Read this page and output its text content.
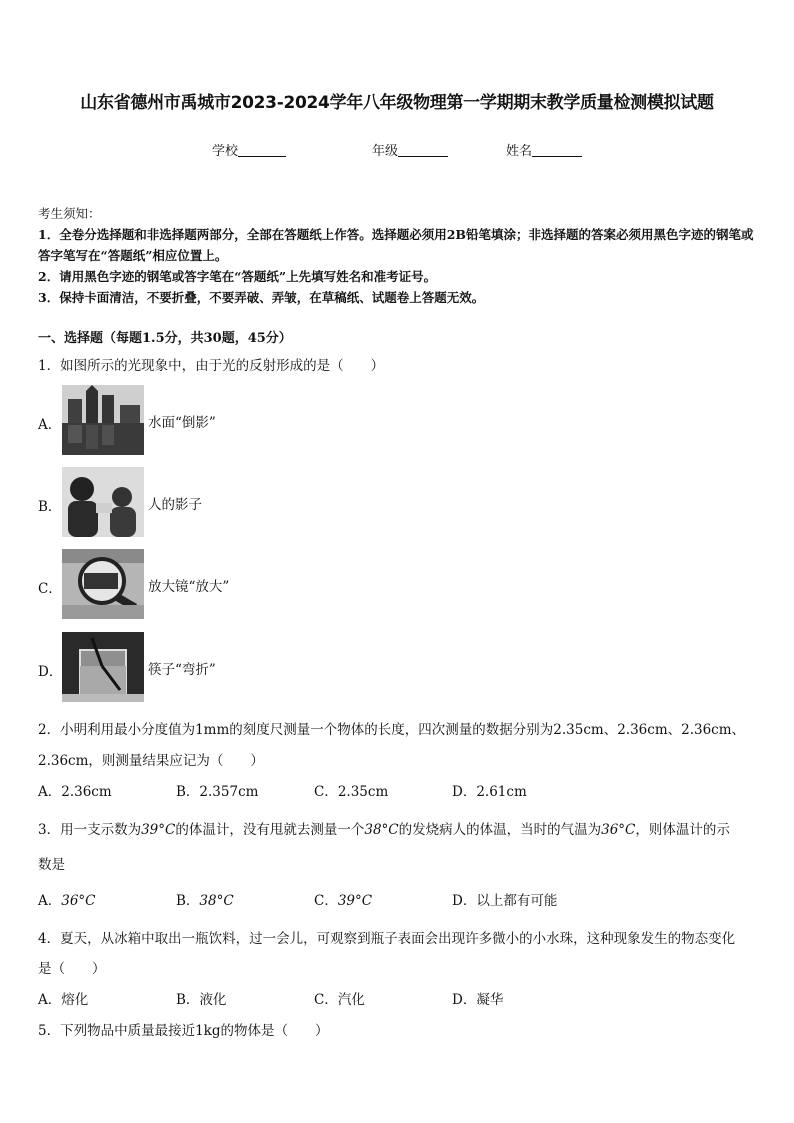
山东省德州市禹城市2023-2024学年八年级物理第一学期期末教学质量检测模拟试题
学校	年级	姓名

考生须知：

1．全卷分选择题和非选择题两部分，全部在答题纸上作答。选择题必须用2B铅笔填涂；非选择题的答案必须用黑色字迹的钢笔或答字笔写在“答题纸”相应位置上。

2．请用黑色字迹的钢笔或答字笔在“答题纸”上先填写姓名和准考证号。

3．保持卡面清洁，不要折叠，不要弄破、弄皱，在草稿纸、试题卷上答题无效。

一、选择题（每题1.5分，共30题，45分）
1．如图所示的光现象中，由于光的反射形成的是（　　）
A．	水面“倒影”
B．	人的影子
C．	放大镜“放大”
D．	筷子“弯折”
2．小明利用最小分度值为1mm的刻度尺测量一个物体的长度，四次测量的数据分别为2.35cm、2.36cm、2.36cm、
2.36cm，则测量结果应记为（　　）
A．2.36cm	B．2.357cm	C．2.35cm	D．2.61cm
3．用一支示数为39°C的体温计，没有甩就去测量一个38°C的发烧病人的体温，当时的气温为36°C，则体温计的示
数是
A．36°C	B．38°C	C．39°C	D．以上都有可能
4．夏天，从冰箱中取出一瓶饮料，过一会儿，可观察到瓶子表面会出现许多微小的小水珠，这种现象发生的物态变化
是（　　）
A．熔化	B．液化	C．汽化	D．凝华
5．下列物品中质量最接近1kg的物体是（　　）
